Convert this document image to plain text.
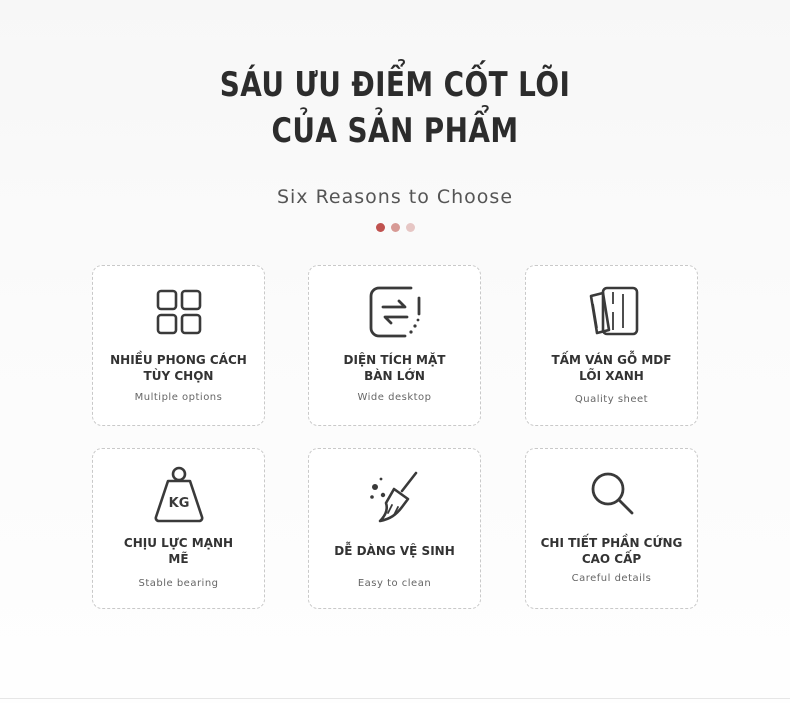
SÁU ƯU ĐIỂM CỐT LÕI
CỦA SẢN PHẨM
Six Reasons to Choose
NHIỀU PHONG CÁCH
TÙY CHỌN
Multiple options
DIỆN TÍCH MẶT
BÀN LỚN
Wide desktop
TẤM VÁN GỖ MDF
LÕI XANH
Quality sheet
KG
CHỊU LỰC MẠNH
MẼ
Stable bearing
DỄ DÀNG VỆ SINH
Easy to clean
CHI TIẾT PHẦN CỨNG
CAO CẤP
Careful details
